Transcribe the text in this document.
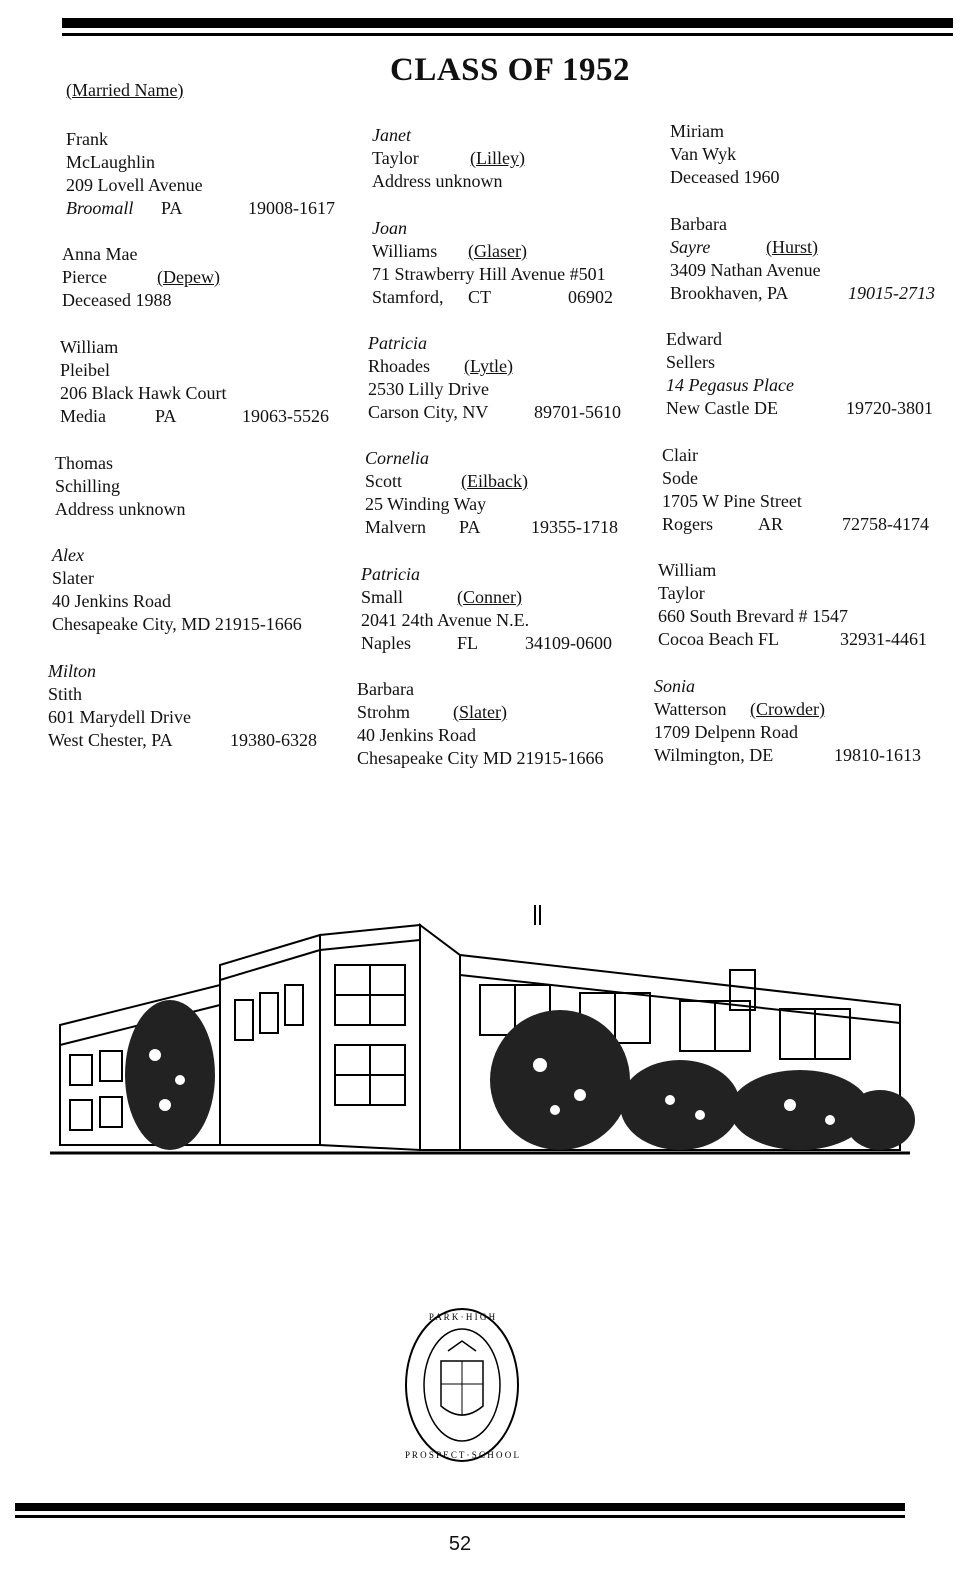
(Married Name)
CLASS OF 1952
Frank
McLaughlin
209 Lovell Avenue
Broomall PA	19008-1617
Anna Mae
Pierce	(Depew)
Deceased 1988
William
Pleibel
206 Black Hawk Court
Media	PA	19063-5526
Thomas
Schilling
Address unknown
Alex
Slater
40 Jenkins Road
Chesapeake City, MD 21915-1666
Milton
Stith
601 Marydell Drive
West Chester, PA	19380-6328
Janet
Taylor	(Lilley)
Address unknown
Joan
Williams (Glaser)
71 Strawberry Hill Avenue #501
Stamford, CT	06902
Patricia
Rhoades (Lytle)
2530 Lilly Drive
Carson City, NV	89701-5610
Cornelia
Scott	(Eilback)
25 Winding Way
Malvern PA	19355-1718
Patricia
Small	(Conner)
2041 24th Avenue N.E.
Naples	FL	34109-0600
Barbara
Strohm (Slater)
40 Jenkins Road
Chesapeake City MD 21915-1666
Miriam
Van Wyk
Deceased 1960
Barbara
Sayre	(Hurst)
3409 Nathan Avenue
Brookhaven, PA	19015-2713
Edward
Sellers
14 Pegasus Place
New Castle DE	19720-3801
Clair
Sode
1705 W Pine Street
Rogers	AR	72758-4174
William
Taylor
660 South Brevard # 1547
Cocoa Beach FL	32931-4461
Sonia
Watterson (Crowder)
1709 Delpenn Road
Wilmington, DE	19810-1613
P A R K · H I G H
P R O S P E C T · S C H O O L
52
